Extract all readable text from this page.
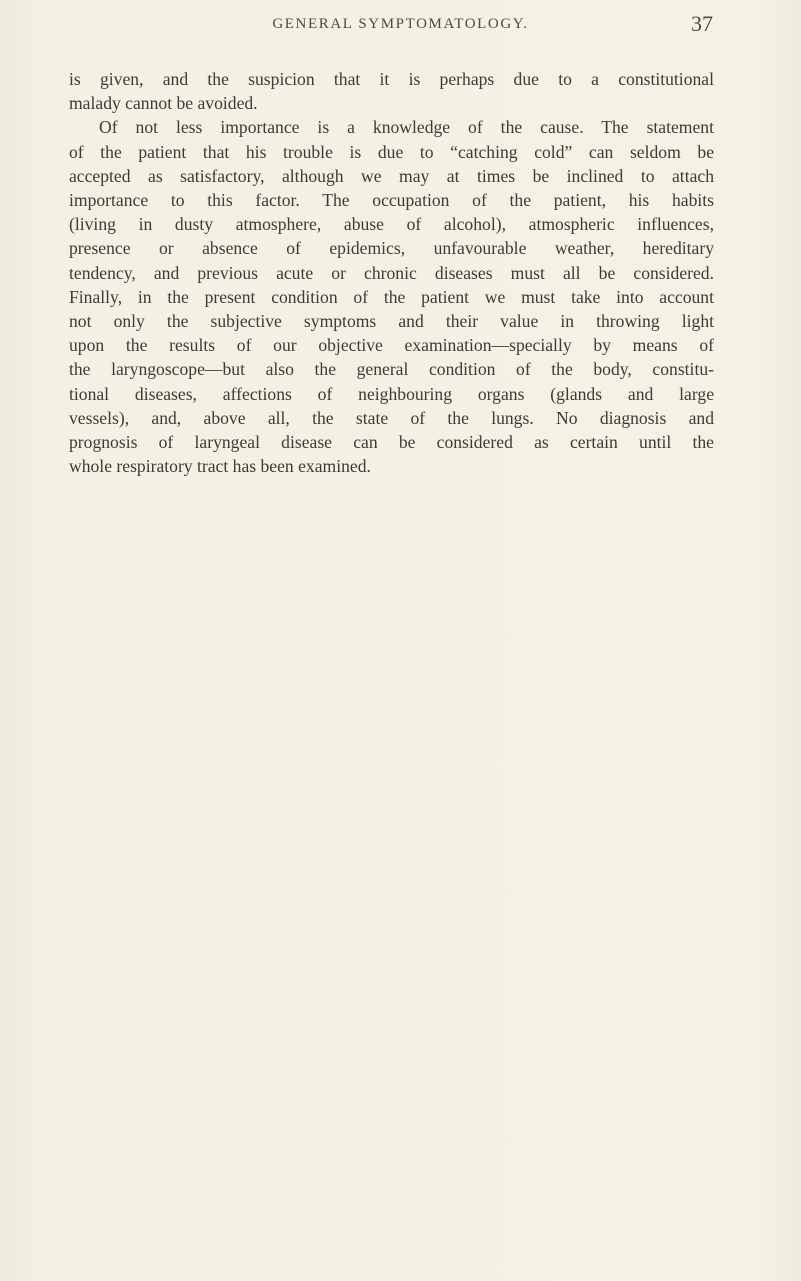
GENERAL SYMPTOMATOLOGY.	37
is given, and the suspicion that it is perhaps due to a constitutional
malady cannot be avoided.
Of not less importance is a knowledge of the cause. The statement
of the patient that his trouble is due to “catching cold” can seldom be
accepted as satisfactory, although we may at times be inclined to attach
importance to this factor. The occupation of the patient, his habits
(living in dusty atmosphere, abuse of alcohol), atmospheric influences,
presence or absence of epidemics, unfavourable weather, hereditary
tendency, and previous acute or chronic diseases must all be considered.
Finally, in the present condition of the patient we must take into account
not only the subjective symptoms and their value in throwing light
upon the results of our objective examination—specially by means of
the laryngoscope—but also the general condition of the body, constitu-
tional diseases, affections of neighbouring organs (glands and large
vessels), and, above all, the state of the lungs. No diagnosis and
prognosis of laryngeal disease can be considered as certain until the
whole respiratory tract has been examined.
